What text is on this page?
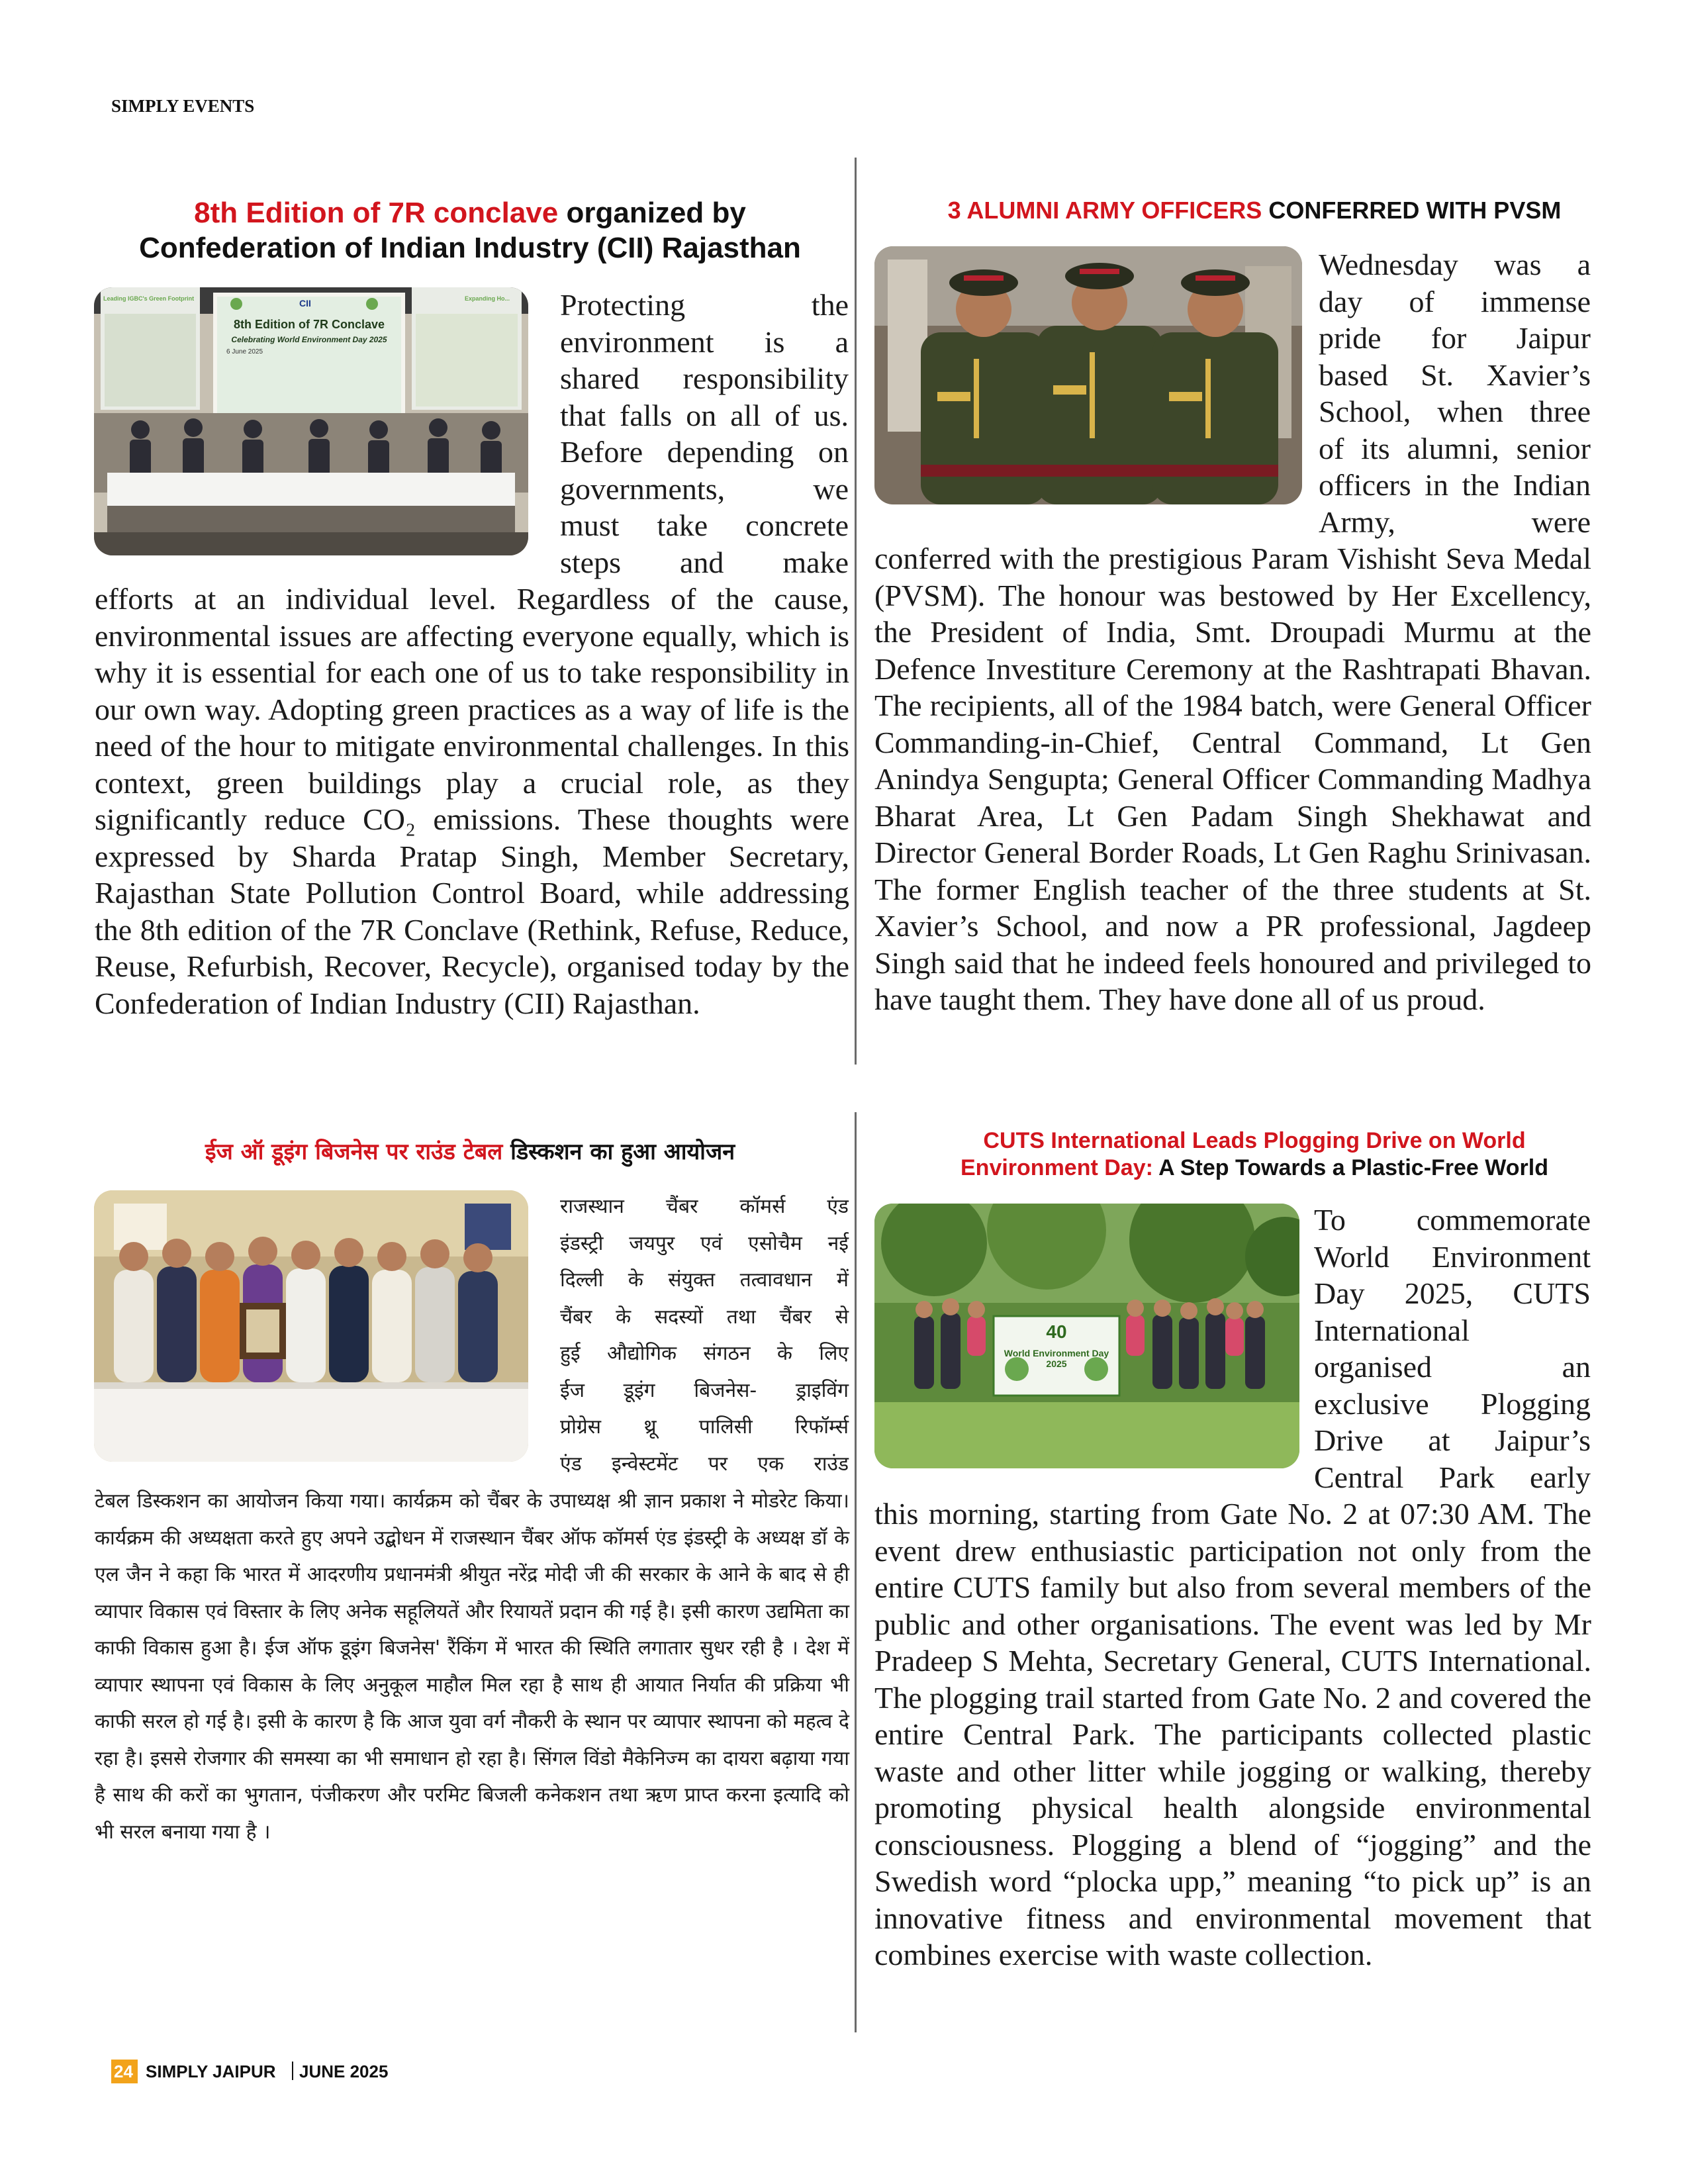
SIMPLY EVENTS
8th Edition of 7R conclave organized by
Confederation of Indian Industry (CII) Rajasthan
8th Edition of 7R Conclave
Celebrating World Environment Day 2025
6 June 2025
CII
Leading IGBC's Green Footprint	Expanding Ho... Protecting the
environment is a
shared responsibility
that falls on all of us.
Before depending on
governments, we
must take concrete
steps and make
efforts at an individual level. Regardless of the cause, environmental issues are affecting everyone equally, which is why it is essential for each one of us to take responsibility in our own way. Adopting green practices as a way of life is the need of the hour to mitigate environmental challenges. In this context, green buildings play a crucial role, as they significantly reduce CO₂ emissions. These thoughts were expressed by Sharda Pratap Singh, Member Secretary, Rajasthan State Pollution Control Board, while addressing the 8th edition of the 7R Conclave (Rethink, Refuse, Reduce, Reuse, Refurbish, Recover, Recycle), organised today by the Confederation of Indian Industry (CII) Rajasthan.
3 ALUMNI ARMY OFFICERS CONFERRED WITH PVSM
Wednesday was a
day of immense
pride for Jaipur
based St. Xavier’s
School, when three
of its alumni, senior
officers in the Indian
Army, were
conferred with the prestigious Param Vishisht Seva Medal (PVSM). The honour was bestowed by Her Excellency, the President of India, Smt. Droupadi Murmu at the Defence Investiture Ceremony at the Rashtrapati Bhavan. The recipients, all of the 1984 batch, were General Officer Commanding-in-Chief, Central Command, Lt Gen Anindya Sengupta; General Officer Commanding Madhya Bharat Area, Lt Gen Padam Singh Shekhawat and Director General Border Roads, Lt Gen Raghu Srinivasan. The former English teacher of the three students at St. Xavier’s School, and now a PR professional, Jagdeep Singh said that he indeed feels honoured and privileged to have taught them. They have done all of us proud.
ईज ऑ डूइंग बिजनेस पर राउंड टेबल डिस्कशन का हुआ आयोजन
राजस्थान चैंबर कॉमर्स एंड
इंडस्ट्री जयपुर एवं एसोचैम नई
दिल्ली के संयुक्त तत्वावधान में
चैंबर के सदस्यों तथा चैंबर से
हुई औद्योगिक संगठन के लिए
ईज डूइंग बिजनेस- ड्राइविंग
प्रोग्रेस थ्रू पालिसी रिफॉर्म्स
एंड इन्वेस्टमेंट पर एक राउंड
टेबल डिस्कशन का आयोजन किया गया। कार्यक्रम को चैंबर के उपाध्यक्ष श्री ज्ञान प्रकाश ने मोडरेट किया। कार्यक्रम की अध्यक्षता करते हुए अपने उद्बोधन में राजस्थान चैंबर ऑफ कॉमर्स एंड इंडस्ट्री के अध्यक्ष डॉ के एल जैन ने कहा कि भारत में आदरणीय प्रधानमंत्री श्रीयुत नरेंद्र मोदी जी की सरकार के आने के बाद से ही व्यापार विकास एवं विस्तार के लिए अनेक सहूलियतें और रियायतें प्रदान की गई है। इसी कारण उद्यमिता का काफी विकास हुआ है। ईज ऑफ डूइंग बिजनेस' रैंकिंग में भारत की स्थिति लगातार सुधर रही है । देश में व्यापार स्थापना एवं विकास के लिए अनुकूल माहौल मिल रहा है साथ ही आयात निर्यात की प्रक्रिया भी काफी सरल हो गई है। इसी के कारण है कि आज युवा वर्ग नौकरी के स्थान पर व्यापार स्थापना को महत्व दे रहा है। इससे रोजगार की समस्या का भी समाधान हो रहा है। सिंगल विंडो मैकेनिज्म का दायरा बढ़ाया गया है साथ की करों का भुगतान, पंजीकरण और परमिट बिजली कनेकशन तथा ऋण प्राप्त करना इत्यादि को भी सरल बनाया गया है ।
CUTS International Leads Plogging Drive on World
Environment Day: A Step Towards a Plastic-Free World
40
World Environment Day 2025
To commemorate
World Environment
Day 2025, CUTS
International
organised an
exclusive Plogging
Drive at Jaipur’s
Central Park early
this morning, starting from Gate No. 2 at 07:30 AM. The event drew enthusiastic participation not only from the entire CUTS family but also from several members of the public and other organisations. The event was led by Mr Pradeep S Mehta, Secretary General, CUTS International. The plogging trail started from Gate No. 2 and covered the entire Central Park. The participants collected plastic waste and other litter while jogging or walking, thereby promoting physical health alongside environmental consciousness. Plogging a blend of “jogging” and the Swedish word “plocka upp,” meaning “to pick up” is an innovative fitness and environmental movement that combines exercise with waste collection.
24 SIMPLY JAIPUR JUNE 2025
